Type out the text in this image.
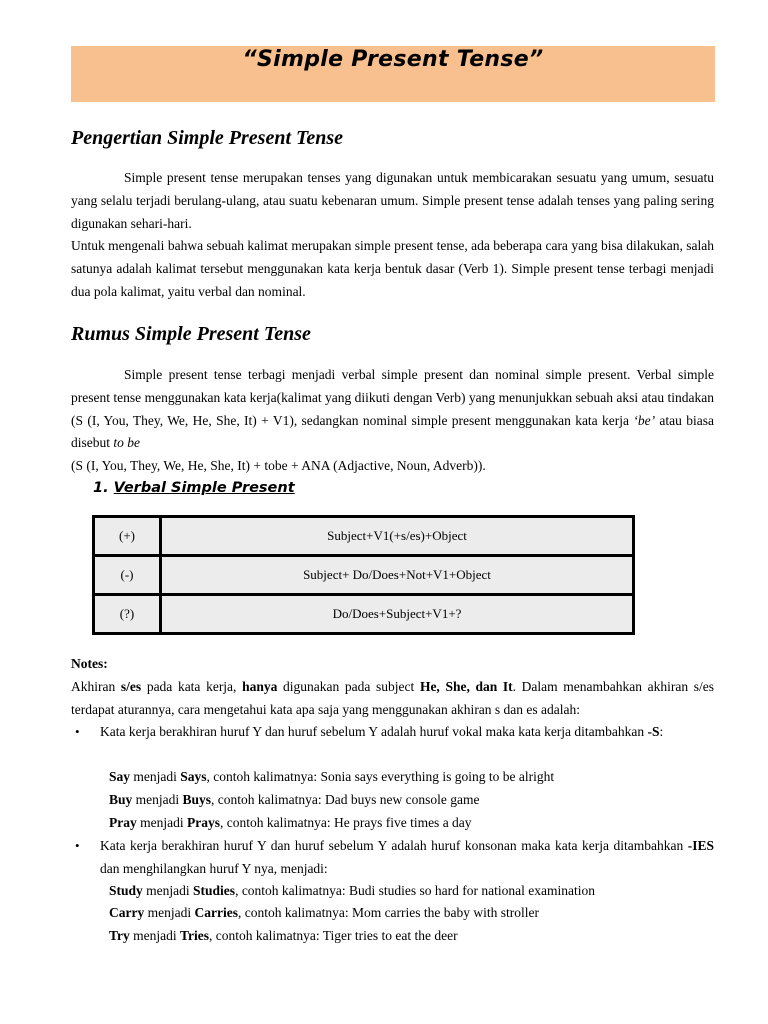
“Simple Present Tense”
Pengertian Simple Present Tense

Simple present tense merupakan tenses yang digunakan untuk membicarakan sesuatu yang umum, sesuatu yang selalu terjadi berulang-ulang, atau suatu kebenaran umum. Simple present tense adalah tenses yang paling sering digunakan sehari-hari.

Untuk mengenali bahwa sebuah kalimat merupakan simple present tense, ada beberapa cara yang bisa dilakukan, salah satunya adalah kalimat tersebut menggunakan kata kerja bentuk dasar (Verb 1). Simple present tense terbagi menjadi dua pola kalimat, yaitu verbal dan nominal.

Rumus Simple Present Tense

Simple present tense terbagi menjadi verbal simple present dan nominal simple present. Verbal simple present tense menggunakan kata kerja(kalimat yang diikuti dengan Verb) yang menunjukkan sebuah aksi atau tindakan (S (I, You, They, We, He, She, It) + V1), sedangkan nominal simple present menggunakan kata kerja ‘be’ atau biasa disebut to be

(S (I, You, They, We, He, She, It) + tobe + ANA (Adjactive, Noun, Adverb)).

1. Verbal Simple Present
(+)	Subject+V1(+s/es)+Object
(-)	Subject+ Do/Does+Not+V1+Object
(?)	Do/Does+Subject+V1+?
Notes:

Akhiran s/es pada kata kerja, hanya digunakan pada subject He, She, dan It. Dalam menambahkan akhiran s/es terdapat aturannya, cara mengetahui kata apa saja yang menggunakan akhiran s dan es adalah:

• Kata kerja berakhiran huruf Y dan huruf sebelum Y adalah huruf vokal maka kata kerja ditambahkan -S:
Say menjadi Says, contoh kalimatnya: Sonia says everything is going to be alright
Buy menjadi Buys, contoh kalimatnya: Dad buys new console game
Pray menjadi Prays, contoh kalimatnya: He prays five times a day
• Kata kerja berakhiran huruf Y dan huruf sebelum Y adalah huruf konsonan maka kata kerja ditambahkan -IES dan menghilangkan huruf Y nya, menjadi:
Study menjadi Studies, contoh kalimatnya: Budi studies so hard for national examination
Carry menjadi Carries, contoh kalimatnya: Mom carries the baby with stroller
Try menjadi Tries, contoh kalimatnya: Tiger tries to eat the deer
